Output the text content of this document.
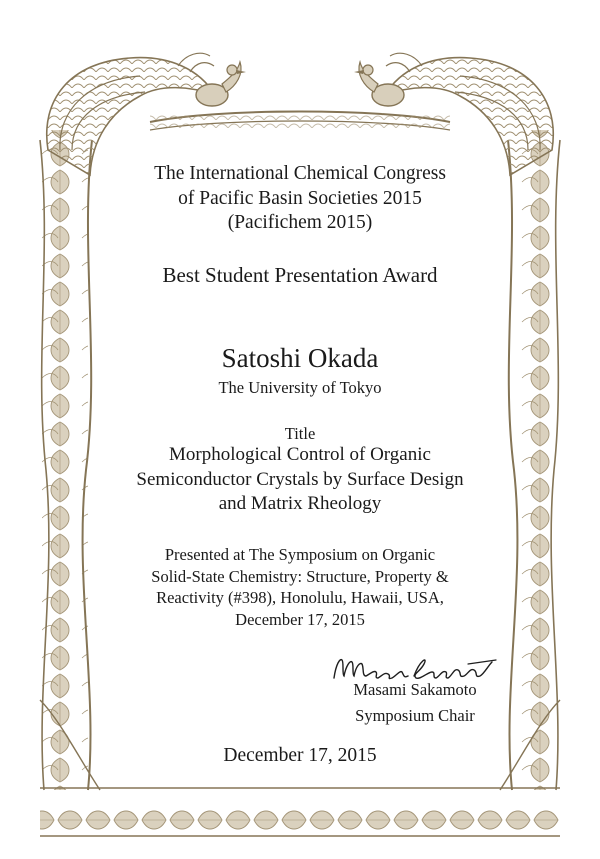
The International Chemical Congress
of Pacific Basin Societies 2015
(Pacifichem 2015)
Best Student Presentation Award
Satoshi Okada
The University of Tokyo
Title
Morphological Control of Organic
Semiconductor Crystals by Surface Design
and Matrix Rheology
Presented at The Symposium on Organic
Solid-State Chemistry: Structure, Property &
Reactivity (#398), Honolulu, Hawaii, USA,
December 17, 2015
Masami Sakamoto
Symposium Chair
December 17, 2015
